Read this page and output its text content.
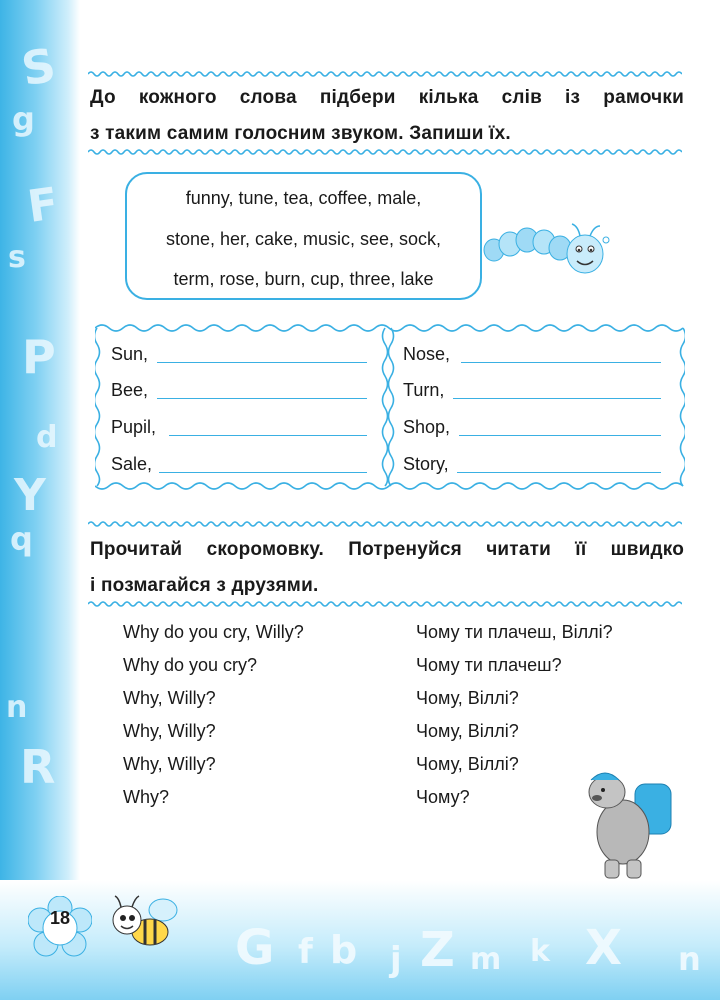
S
g
F
s
P
d
Y
q
n
R
G f b j Z m k X n
До кожного слова підбери кілька слів із рамочки
з таким самим голосним звуком. Запиши їх.
funny, tune, tea, coffee, male,
stone, her, cake, music, see, sock,
term, rose, burn, cup, three, lake
Sun,
Bee,
Pupil,
Sale,
Nose,
Turn,
Shop,
Story,
Прочитай скоромовку. Потренуйся читати її швидко
і позмагайся з друзями.
Why do you cry, Willy?
Why do you cry?
Why, Willy?
Why, Willy?
Why, Willy?
Why?
Чому ти плачеш, Віллі?
Чому ти плачеш?
Чому, Віллі?
Чому, Віллі?
Чому, Віллі?
Чому?
18
